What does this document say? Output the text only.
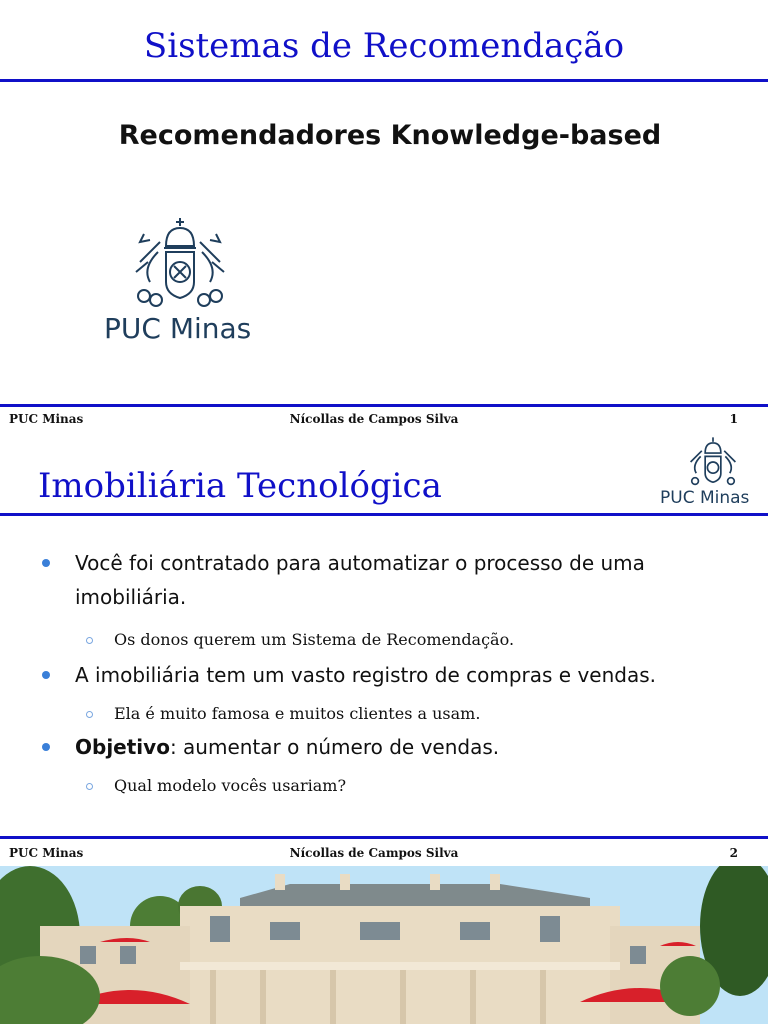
Sistemas de Recomendação
Recomendadores Knowledge-based
PUC Minas
PUC Minas	Nícollas de Campos Silva	1
Imobiliária Tecnológica	PUC Minas
Você foi contratado para automatizar o processo de uma imobiliária.
Os donos querem um Sistema de Recomendação.
A imobiliária tem um vasto registro de compras e vendas.
Ela é muito famosa e muitos clientes a usam.
Objetivo: aumentar o número de vendas.
Qual modelo vocês usariam?
PUC Minas	Nícollas de Campos Silva	2
